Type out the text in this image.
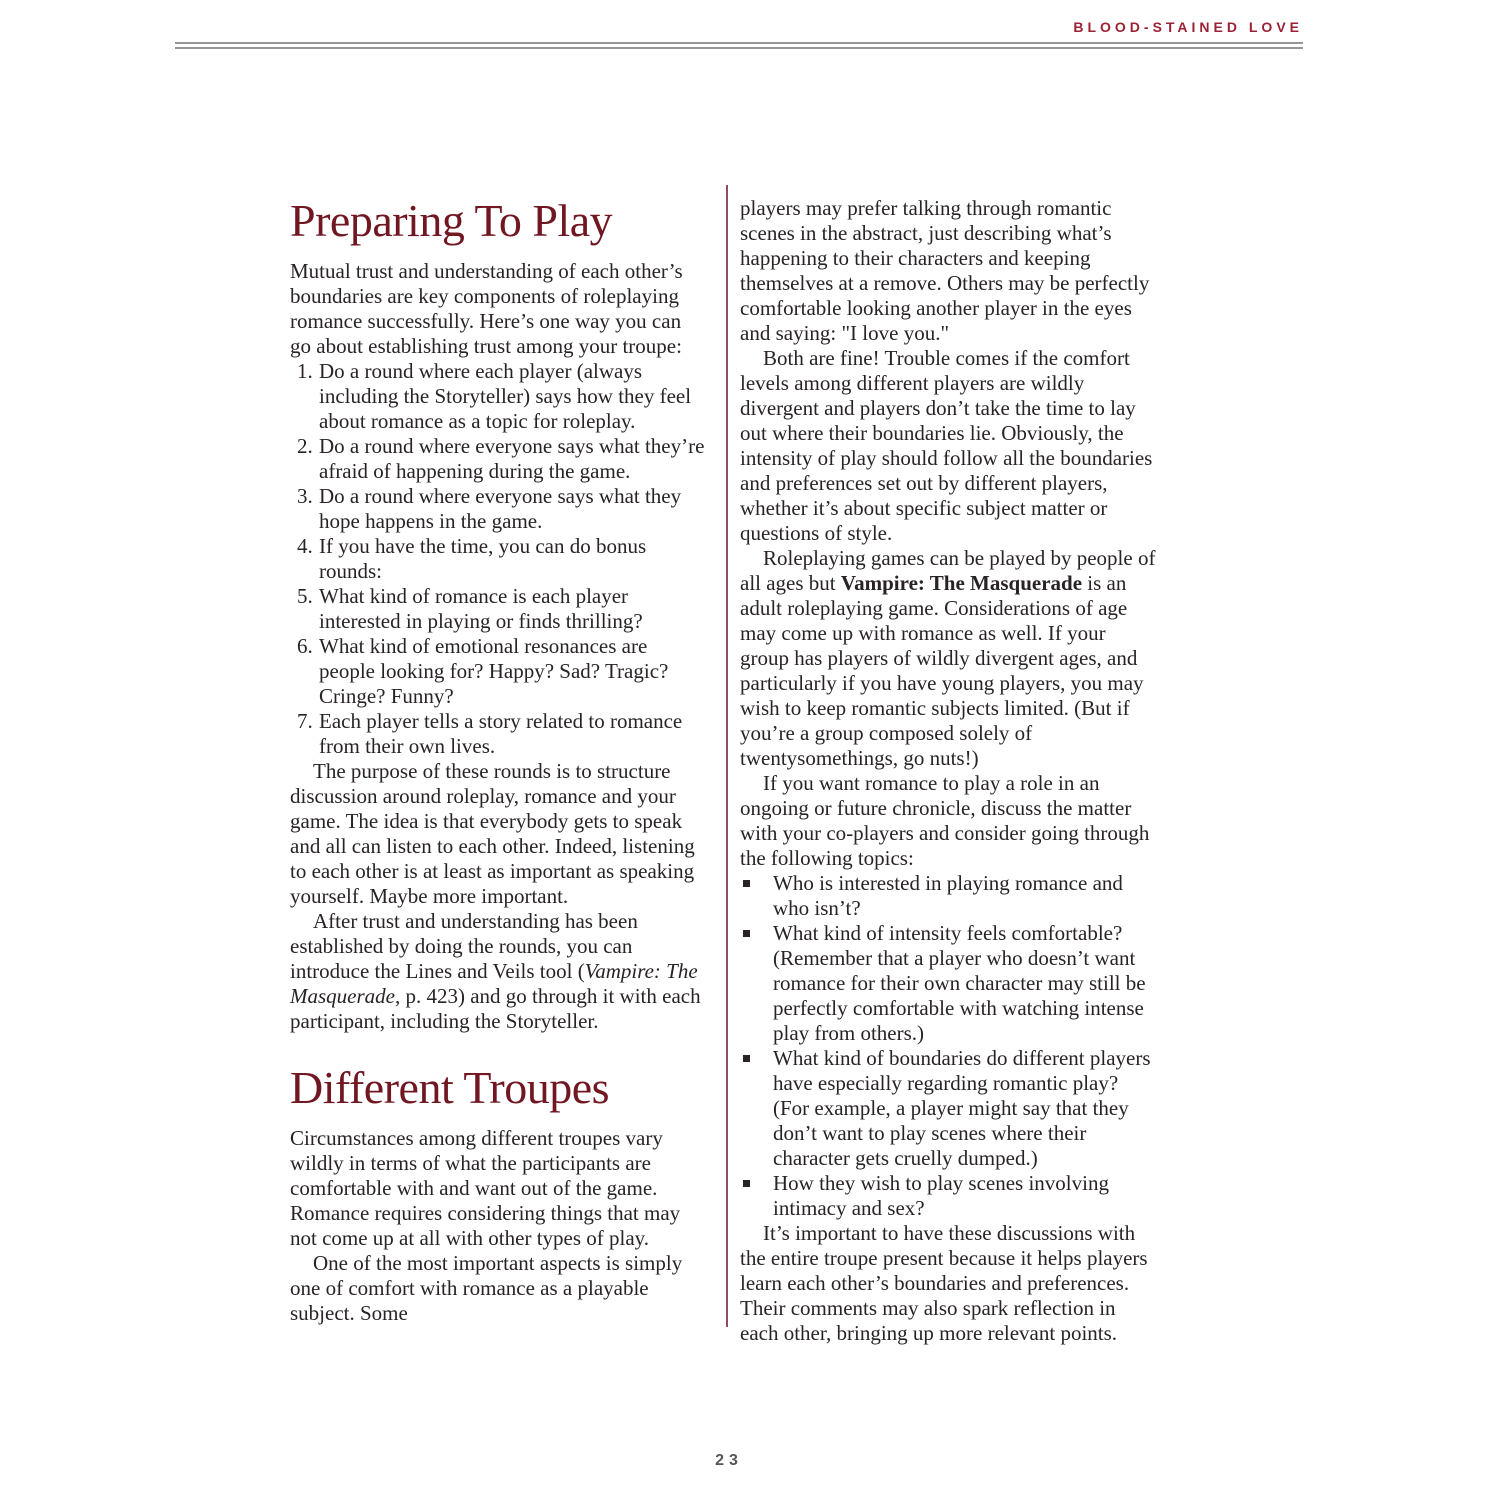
BLOOD-STAINED LOVE
Preparing To Play

Mutual trust and understanding of each other’s boundaries are key components of roleplaying romance successfully. Here’s one way you can go about establishing trust among your troupe:

1. Do a round where each player (always including the Storyteller) says how they feel about romance as a topic for roleplay.
2. Do a round where everyone says what they’re afraid of happening during the game.
3. Do a round where everyone says what they hope happens in the game.
4. If you have the time, you can do bonus rounds:
5. What kind of romance is each player interested in playing or finds thrilling?
6. What kind of emotional resonances are people looking for? Happy? Sad? Tragic? Cringe? Funny?
7. Each player tells a story related to romance from their own lives.

The purpose of these rounds is to structure discussion around roleplay, romance and your game. The idea is that everybody gets to speak and all can listen to each other. Indeed, listening to each other is at least as important as speaking yourself. Maybe more important.

After trust and understanding has been established by doing the rounds, you can introduce the Lines and Veils tool (Vampire: The Masquerade, p. 423) and go through it with each participant, including the Storyteller.

Different Troupes

Circumstances among different troupes vary wildly in terms of what the participants are comfortable with and want out of the game. Romance requires considering things that may not come up at all with other types of play.

One of the most important aspects is simply one of comfort with romance as a playable subject. Some

players may prefer talking through romantic scenes in the abstract, just describing what’s happening to their characters and keeping themselves at a remove. Others may be perfectly comfortable looking another player in the eyes and saying: "I love you."

Both are fine! Trouble comes if the comfort levels among different players are wildly divergent and players don’t take the time to lay out where their boundaries lie. Obviously, the intensity of play should follow all the boundaries and preferences set out by different players, whether it’s about specific subject matter or questions of style.

Roleplaying games can be played by people of all ages but Vampire: The Masquerade is an adult roleplaying game. Considerations of age may come up with romance as well. If your group has players of wildly divergent ages, and particularly if you have young players, you may wish to keep romantic subjects limited. (But if you’re a group composed solely of twentysomethings, go nuts!)

If you want romance to play a role in an ongoing or future chronicle, discuss the matter with your co-players and consider going through the following topics:

Who is interested in playing romance and who isn’t?
What kind of intensity feels comfortable? (Remember that a player who doesn’t want romance for their own character may still be perfectly comfortable with watching intense play from others.)
What kind of boundaries do different players have especially regarding romantic play? (For example, a player might say that they don’t want to play scenes where their character gets cruelly dumped.)
How they wish to play scenes involving intimacy and sex?

It’s important to have these discussions with the entire troupe present because it helps players learn each other’s boundaries and preferences. Their comments may also spark reflection in each other, bringing up more relevant points.

23
